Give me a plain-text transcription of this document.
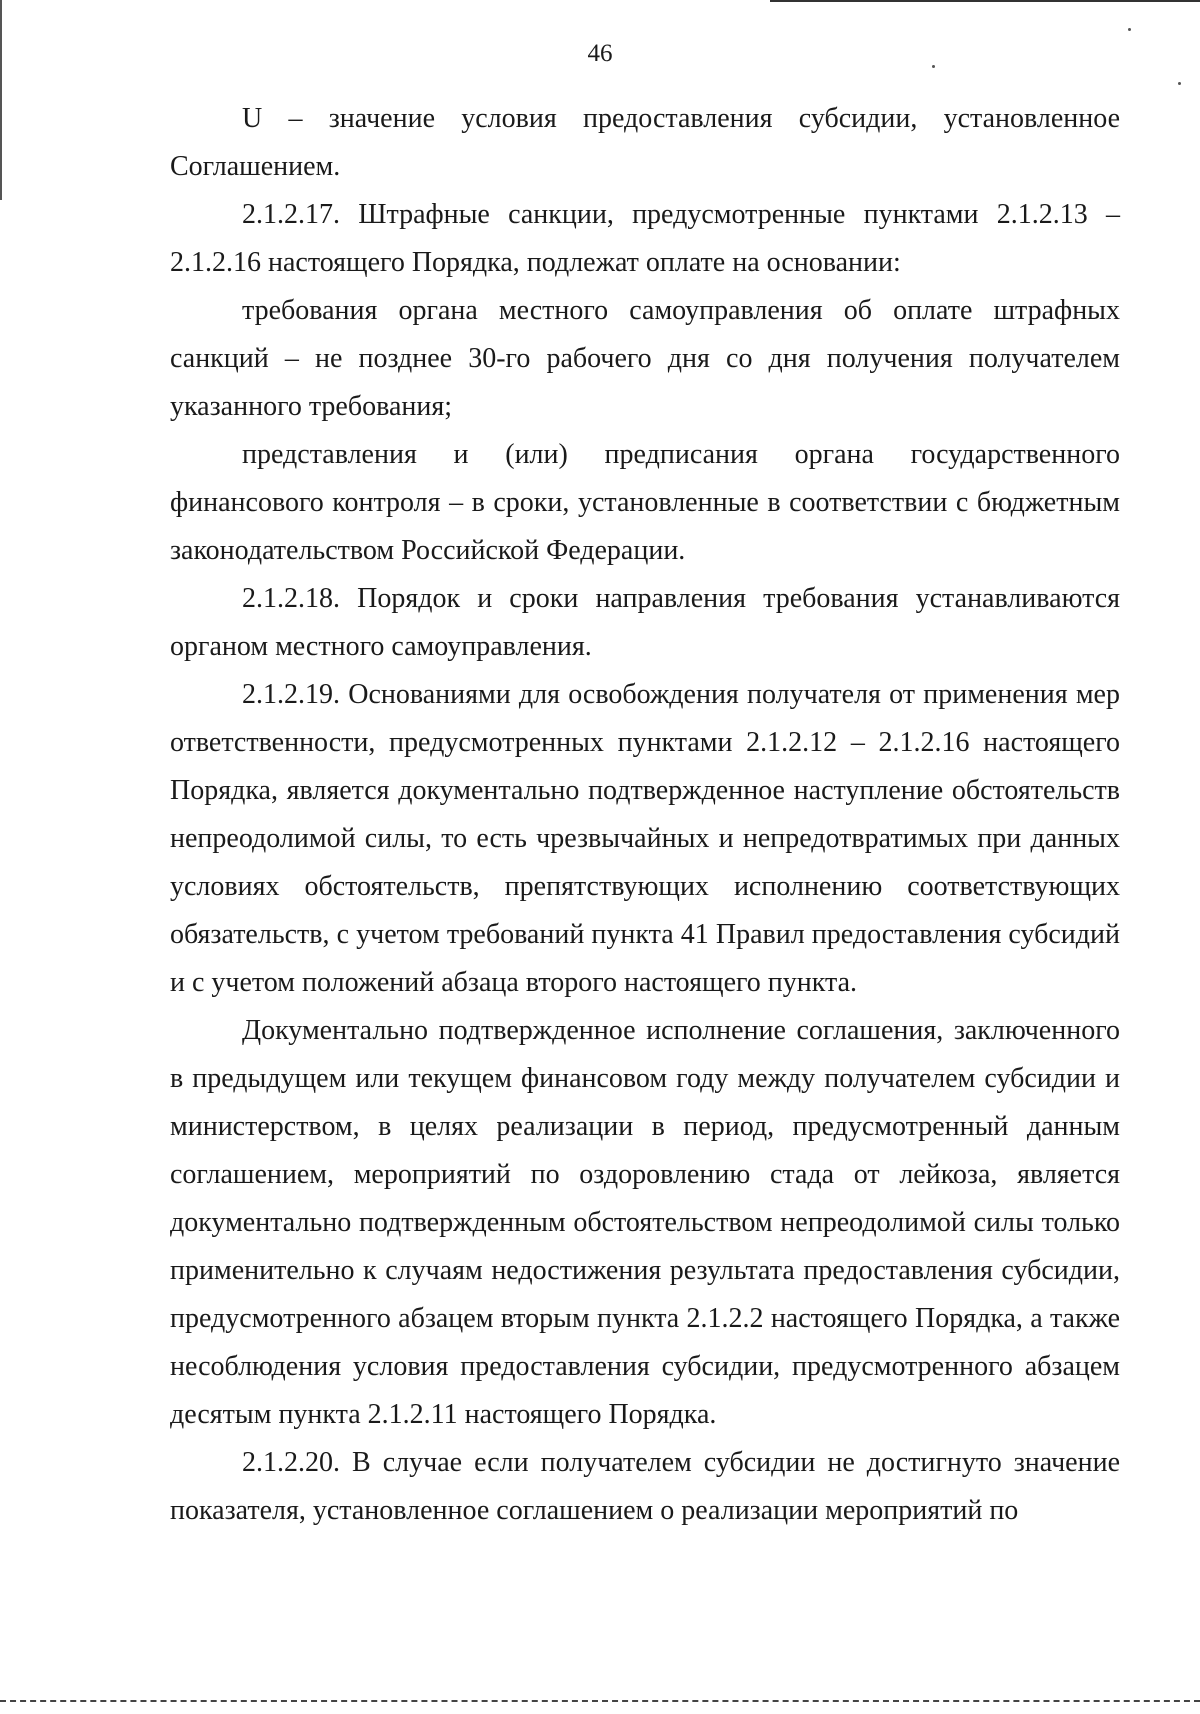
46

U – значение условия предоставления субсидии, установленное Соглашением.

2.1.2.17. Штрафные санкции, предусмотренные пунктами 2.1.2.13 – 2.1.2.16 настоящего Порядка, подлежат оплате на основании:

требования органа местного самоуправления об оплате штрафных санкций – не позднее 30-го рабочего дня со дня получения получателем указанного требования;

представления и (или) предписания органа государственного финансового контроля – в сроки, установленные в соответствии с бюджетным законодательством Российской Федерации.

2.1.2.18. Порядок и сроки направления требования устанавливаются органом местного самоуправления.

2.1.2.19. Основаниями для освобождения получателя от применения мер ответственности, предусмотренных пунктами 2.1.2.12 – 2.1.2.16 настоящего Порядка, является документально подтвержденное наступление обстоятельств непреодолимой силы, то есть чрезвычайных и непредотвратимых при данных условиях обстоятельств, препятствующих исполнению соответствующих обязательств, с учетом требований пункта 41 Правил предоставления субсидий и с учетом положений абзаца второго настоящего пункта.

Документально подтвержденное исполнение соглашения, заключенного в предыдущем или текущем финансовом году между получателем субсидии и министерством, в целях реализации в период, предусмотренный данным соглашением, мероприятий по оздоровлению стада от лейкоза, является документально подтвержденным обстоятельством непреодолимой силы только применительно к случаям недостижения результата предоставления субсидии, предусмотренного абзацем вторым пункта 2.1.2.2 настоящего Порядка, а также несоблюдения условия предоставления субсидии, предусмотренного абзацем десятым пункта 2.1.2.11 настоящего Порядка.

2.1.2.20. В случае если получателем субсидии не достигнуто значение показателя, установленное соглашением о реализации мероприятий по
